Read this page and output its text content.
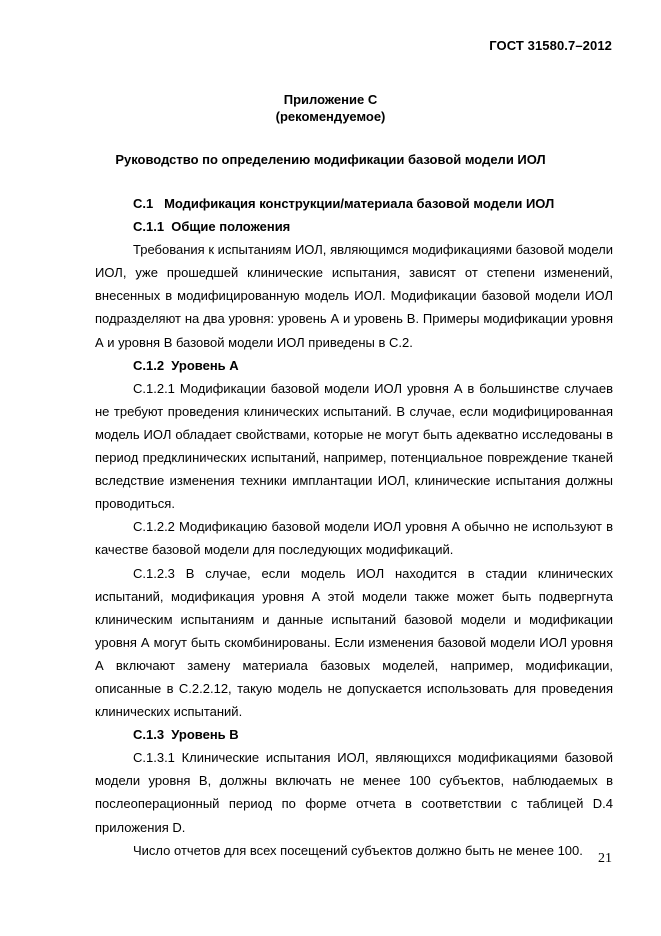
ГОСТ 31580.7–2012
Приложение С
(рекомендуемое)
Руководство по определению модификации базовой модели ИОЛ

С.1   Модификация конструкции/материала базовой модели ИОЛ

С.1.1  Общие положения

Требования к испытаниям ИОЛ, являющимся модификациями базовой модели ИОЛ, уже прошедшей клинические испытания, зависят от степени изменений, внесенных в модифицированную модель ИОЛ. Модификации базовой модели ИОЛ подразделяют на два уровня: уровень А и уровень В. Примеры модификации уровня А и уровня В базовой модели ИОЛ приведены в С.2.

С.1.2  Уровень А

С.1.2.1 Модификации базовой модели ИОЛ уровня А в большинстве случаев не требуют проведения клинических испытаний. В случае, если модифицированная модель ИОЛ обладает свойствами, которые не могут быть адекватно исследованы в период предклинических испытаний, например, потенциальное повреждение тканей вследствие изменения техники имплантации ИОЛ, клинические испытания должны проводиться.

С.1.2.2 Модификацию базовой модели ИОЛ уровня А обычно не используют в качестве базовой модели для последующих модификаций.

С.1.2.3 В случае, если модель ИОЛ находится в стадии клинических испытаний, модификация уровня А этой модели также может быть подвергнута клиническим испытаниям и данные испытаний базовой модели и модификации уровня А могут быть скомбинированы. Если изменения базовой модели ИОЛ уровня А включают замену материала базовых моделей, например, модификации, описанные в С.2.2.12, такую модель не допускается использовать для проведения клинических испытаний.

С.1.3  Уровень В

С.1.3.1 Клинические испытания ИОЛ, являющихся модификациями базовой модели уровня В, должны включать не менее 100 субъектов, наблюдаемых в послеоперационный период по форме отчета в соответствии с таблицей D.4 приложения D.

Число отчетов для всех посещений субъектов должно быть не менее 100.

21
